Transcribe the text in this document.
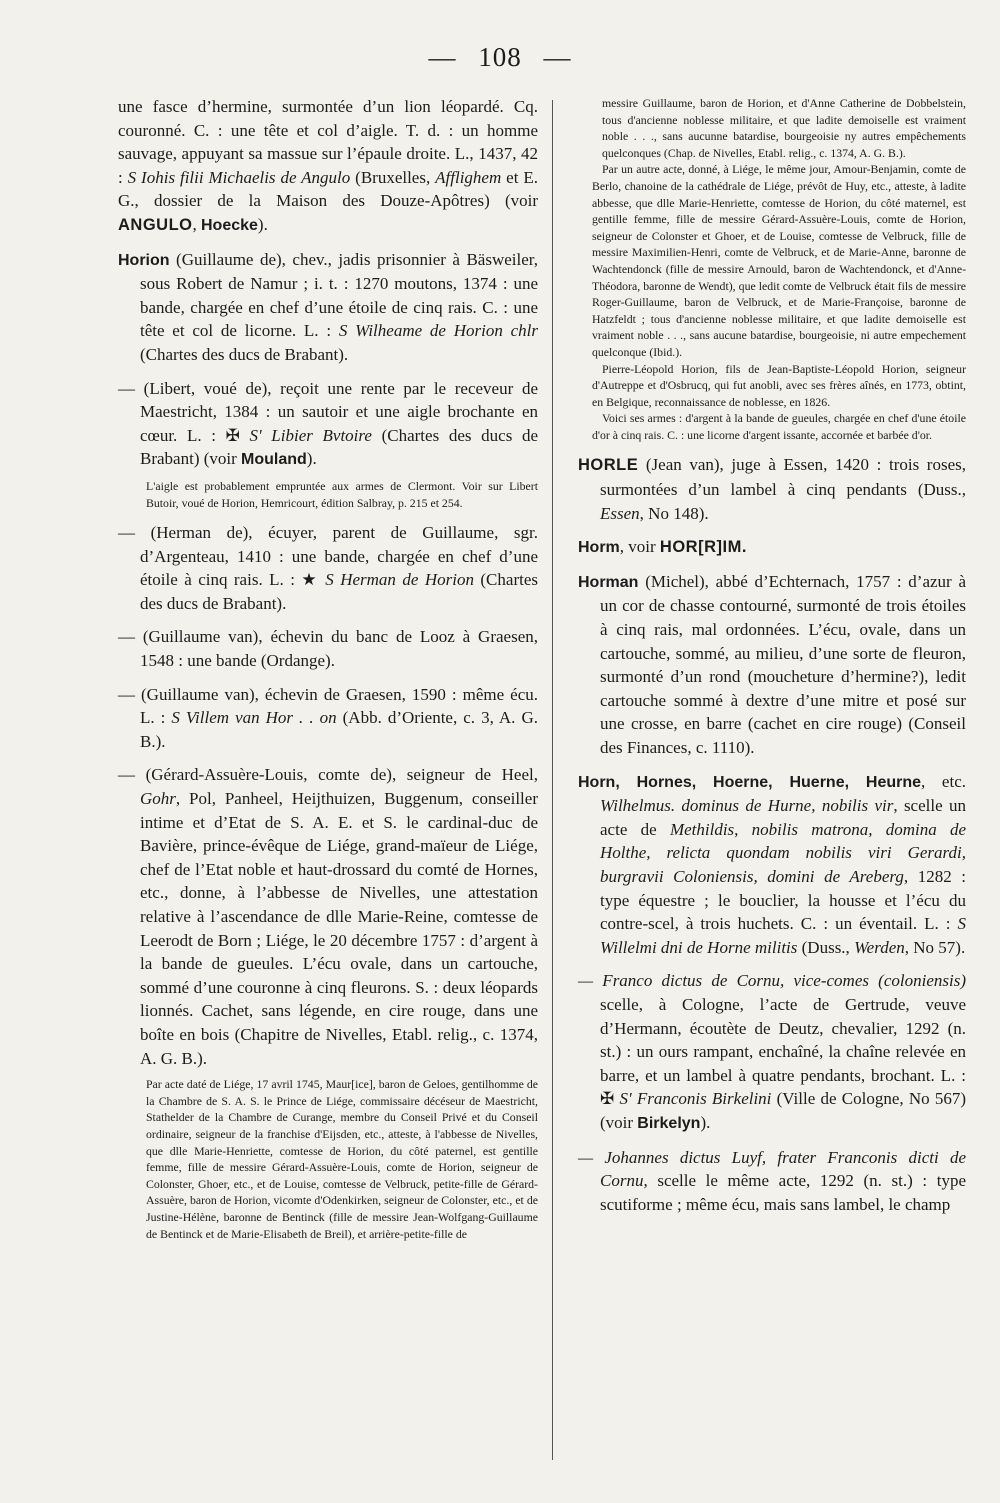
— 108 —

une fasce d’hermine, surmontée d’un lion léopardé. Cq. couronné. C. : une tête et col d’aigle. T. d. : un homme sauvage, appuyant sa massue sur l’épaule droite. L., 1437, 42 : S Iohis filii Michaelis de Angulo (Bruxelles, Afflighem et E. G., dossier de la Maison des Douze-Apôtres) (voir ANGULO, Hoecke).

Horion (Guillaume de), chev., jadis prisonnier à Bäsweiler, sous Robert de Namur ; i. t. : 1270 moutons, 1374 : une bande, chargée en chef d’une étoile de cinq rais. C. : une tête et col de licorne. L. : S Wilheame de Horion chlr (Chartes des ducs de Brabant).

— (Libert, voué de), reçoit une rente par le receveur de Maestricht, 1384 : un sautoir et une aigle brochante en cœur. L. : ✠ S' Libier Bvtoire (Chartes des ducs de Brabant) (voir Mouland).

L'aigle est probablement empruntée aux armes de Clermont. Voir sur Libert Butoir, voué de Horion, Hemricourt, édition Salbray, p. 215 et 254.

— (Herman de), écuyer, parent de Guillaume, sgr. d’Argenteau, 1410 : une bande, chargée en chef d’une étoile à cinq rais. L. : ★ S Herman de Horion (Chartes des ducs de Brabant).

— (Guillaume van), échevin du banc de Looz à Graesen, 1548 : une bande (Ordange).

— (Guillaume van), échevin de Graesen, 1590 : même écu. L. : S Villem van Hor . . on (Abb. d’Oriente, c. 3, A. G. B.).

— (Gérard-Assuère-Louis, comte de), seigneur de Heel, Gohr, Pol, Panheel, Heijthuizen, Buggenum, conseiller intime et d’Etat de S. A. E. et S. le cardinal-duc de Bavière, prince-évêque de Liége, grand-maïeur de Liége, chef de l’Etat noble et haut-drossard du comté de Hornes, etc., donne, à l’abbesse de Nivelles, une attestation relative à l’ascendance de dlle Marie-Reine, comtesse de Leerodt de Born ; Liége, le 20 décembre 1757 : d’argent à la bande de gueules. L’écu ovale, dans un cartouche, sommé d’une couronne à cinq fleurons. S. : deux léopards lionnés. Cachet, sans légende, en cire rouge, dans une boîte en bois (Chapitre de Nivelles, Etabl. relig., c. 1374, A. G. B.).

Par acte daté de Liége, 17 avril 1745, Maur[ice], baron de Geloes, gentilhomme de la Chambre de S. A. S. le Prince de Liége, commissaire décéseur de Maestricht, Stathelder de la Chambre de Curange, membre du Conseil Privé et du Conseil ordinaire, seigneur de la franchise d'Eijsden, etc., atteste, à l'abbesse de Nivelles, que dlle Marie-Henriette, comtesse de Horion, du côté paternel, est gentille femme, fille de messire Gérard-Assuère-Louis, comte de Horion, seigneur de Colonster, Ghoer, etc., et de Louise, comtesse de Velbruck, petite-fille de Gérard-Assuère, baron de Horion, vicomte d'Odenkirken, seigneur de Colonster, etc., et de Justine-Hélène, baronne de Bentinck (fille de messire Jean-Wolfgang-Guillaume de Bentinck et de Marie-Elisabeth de Breil), et arrière-petite-fille de

messire Guillaume, baron de Horion, et d'Anne Catherine de Dobbelstein, tous d'ancienne noblesse militaire, et que ladite demoiselle est vraiment noble . . ., sans aucunne batardise, bourgeoisie ny autres empêchements quelconques (Chap. de Nivelles, Etabl. relig., c. 1374, A. G. B.).

Par un autre acte, donné, à Liége, le même jour, Amour-Benjamin, comte de Berlo, chanoine de la cathédrale de Liége, prévôt de Huy, etc., atteste, à ladite abbesse, que dlle Marie-Henriette, comtesse de Horion, du côté maternel, est gentille femme, fille de messire Gérard-Assuère-Louis, comte de Horion, seigneur de Colonster et Ghoer, et de Louise, comtesse de Velbruck, fille de messire Maximilien-Henri, comte de Velbruck, et de Marie-Anne, baronne de Wachtendonck (fille de messire Arnould, baron de Wachtendonck, et d'Anne-Théodora, baronne de Wendt), que ledit comte de Velbruck était fils de messire Roger-Guillaume, baron de Velbruck, et de Marie-Françoise, baronne de Hatzfeldt ; tous d'ancienne noblesse militaire, et que ladite demoiselle est vraiment noble . . ., sans aucune batardise, bourgeoisie, ni autre empechement quelconque (Ibid.).

Pierre-Léopold Horion, fils de Jean-Baptiste-Léopold Horion, seigneur d'Autreppe et d'Osbrucq, qui fut anobli, avec ses frères aînés, en 1773, obtint, en Belgique, reconnaissance de noblesse, en 1826.

Voici ses armes : d'argent à la bande de gueules, chargée en chef d'une étoile d'or à cinq rais. C. : une licorne d'argent issante, accornée et barbée d'or.

HORLE (Jean van), juge à Essen, 1420 : trois roses, surmontées d’un lambel à cinq pendants (Duss., Essen, No 148).

Horm, voir HOR[R]IM.

Horman (Michel), abbé d’Echternach, 1757 : d’azur à un cor de chasse contourné, surmonté de trois étoiles à cinq rais, mal ordonnées. L’écu, ovale, dans un cartouche, sommé, au milieu, d’une sorte de fleuron, surmonté d’un rond (moucheture d’hermine?), ledit cartouche sommé à dextre d’une mitre et posé sur une crosse, en barre (cachet en cire rouge) (Conseil des Finances, c. 1110).

Horn, Hornes, Hoerne, Huerne, Heurne, etc. Wilhelmus. dominus de Hurne, nobilis vir, scelle un acte de Methildis, nobilis matrona, domina de Holthe, relicta quondam nobilis viri Gerardi, burgravii Coloniensis, domini de Areberg, 1282 : type équestre ; le bouclier, la housse et l’écu du contre-scel, à trois huchets. C. : un éventail. L. : S Willelmi dni de Horne militis (Duss., Werden, No 57).

— Franco dictus de Cornu, vice-comes (coloniensis) scelle, à Cologne, l’acte de Gertrude, veuve d’Hermann, écoutète de Deutz, chevalier, 1292 (n. st.) : un ours rampant, enchaîné, la chaîne relevée en barre, et un lambel à quatre pendants, brochant. L. : ✠ S' Franconis Birkelini (Ville de Cologne, No 567) (voir Birkelyn).

— Johannes dictus Luyf, frater Franconis dicti de Cornu, scelle le même acte, 1292 (n. st.) : type scutiforme ; même écu, mais sans lambel, le champ
